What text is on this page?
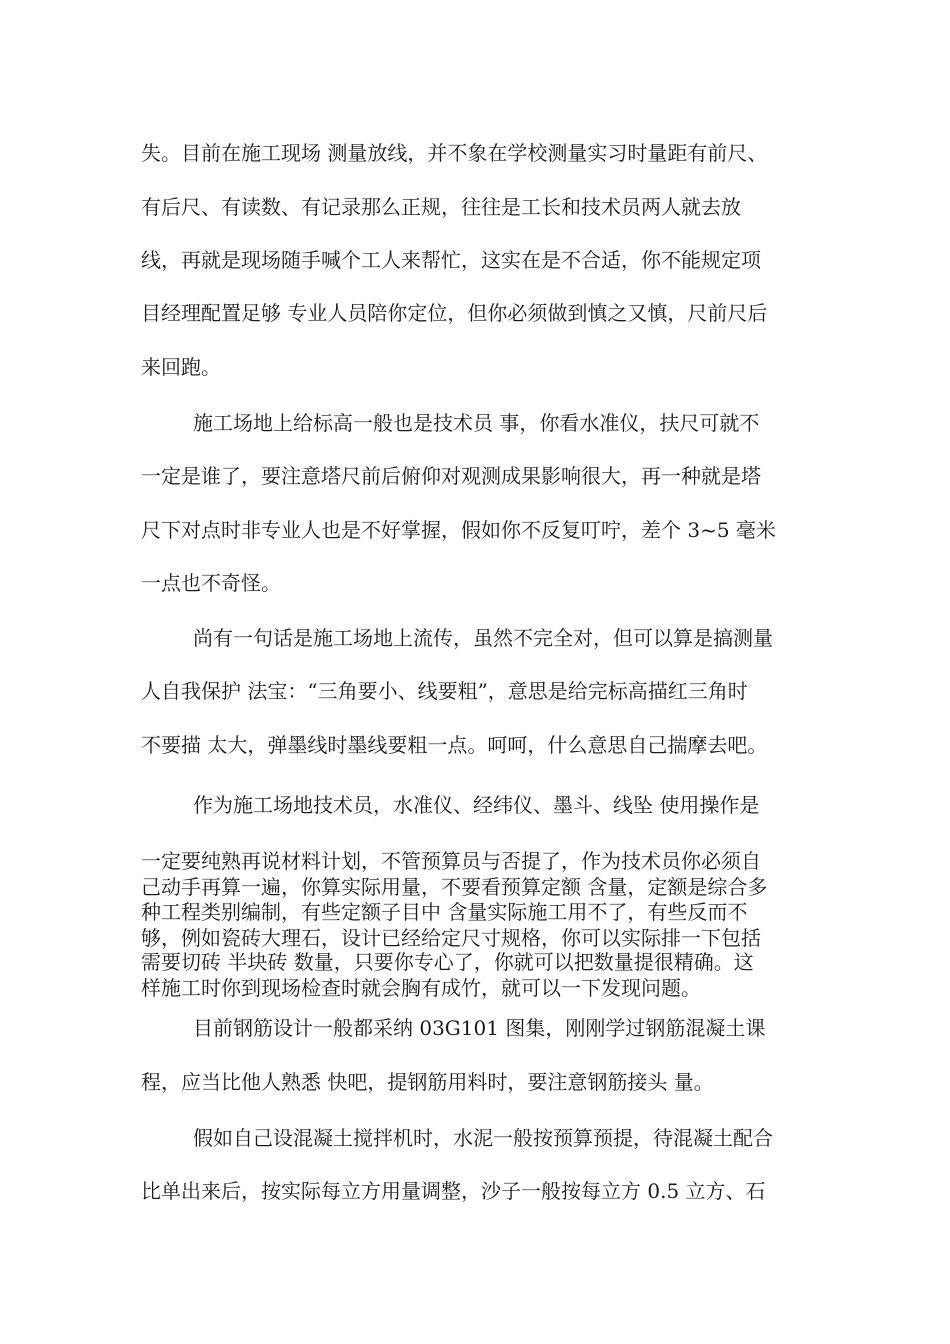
失。目前在施工现场 测量放线，并不象在学校测量实习时量距有前尺、

有后尺、有读数、有记录那么正规，往往是工长和技术员两人就去放

线，再就是现场随手喊个工人来帮忙，这实在是不合适，你不能规定项

目经理配置足够 专业人员陪你定位，但你必须做到慎之又慎，尺前尺后

来回跑。

施工场地上给标高一般也是技术员 事，你看水准仪，扶尺可就不

一定是谁了，要注意塔尺前后俯仰对观测成果影响很大，再一种就是塔

尺下对点时非专业人也是不好掌握，假如你不反复叮咛，差个 3~5 毫米

一点也不奇怪。

尚有一句话是施工场地上流传，虽然不完全对，但可以算是搞测量

人自我保护 法宝：“三角要小、线要粗”，意思是给完标高描红三角时

不要描 太大，弹墨线时墨线要粗一点。呵呵，什么意思自己揣摩去吧。

作为施工场地技术员，水准仪、经纬仪、墨斗、线坠 使用操作是

一定要纯熟再说材料计划，不管预算员与否提了，作为技术员你必须自

己动手再算一遍，你算实际用量，不要看预算定额 含量，定额是综合多

种工程类别编制，有些定额子目中 含量实际施工用不了，有些反而不

够，例如瓷砖大理石，设计已经给定尺寸规格，你可以实际排一下包括

需要切砖 半块砖 数量，只要你专心了，你就可以把数量提很精确。这

样施工时你到现场检查时就会胸有成竹，就可以一下发现问题。

目前钢筋设计一般都采纳 03G101 图集，刚刚学过钢筋混凝土课

程，应当比他人熟悉 快吧，提钢筋用料时，要注意钢筋接头 量。

假如自己设混凝土搅拌机时，水泥一般按预算预提，待混凝土配合

比单出来后，按实际每立方用量调整，沙子一般按每立方 0.5 立方、石
